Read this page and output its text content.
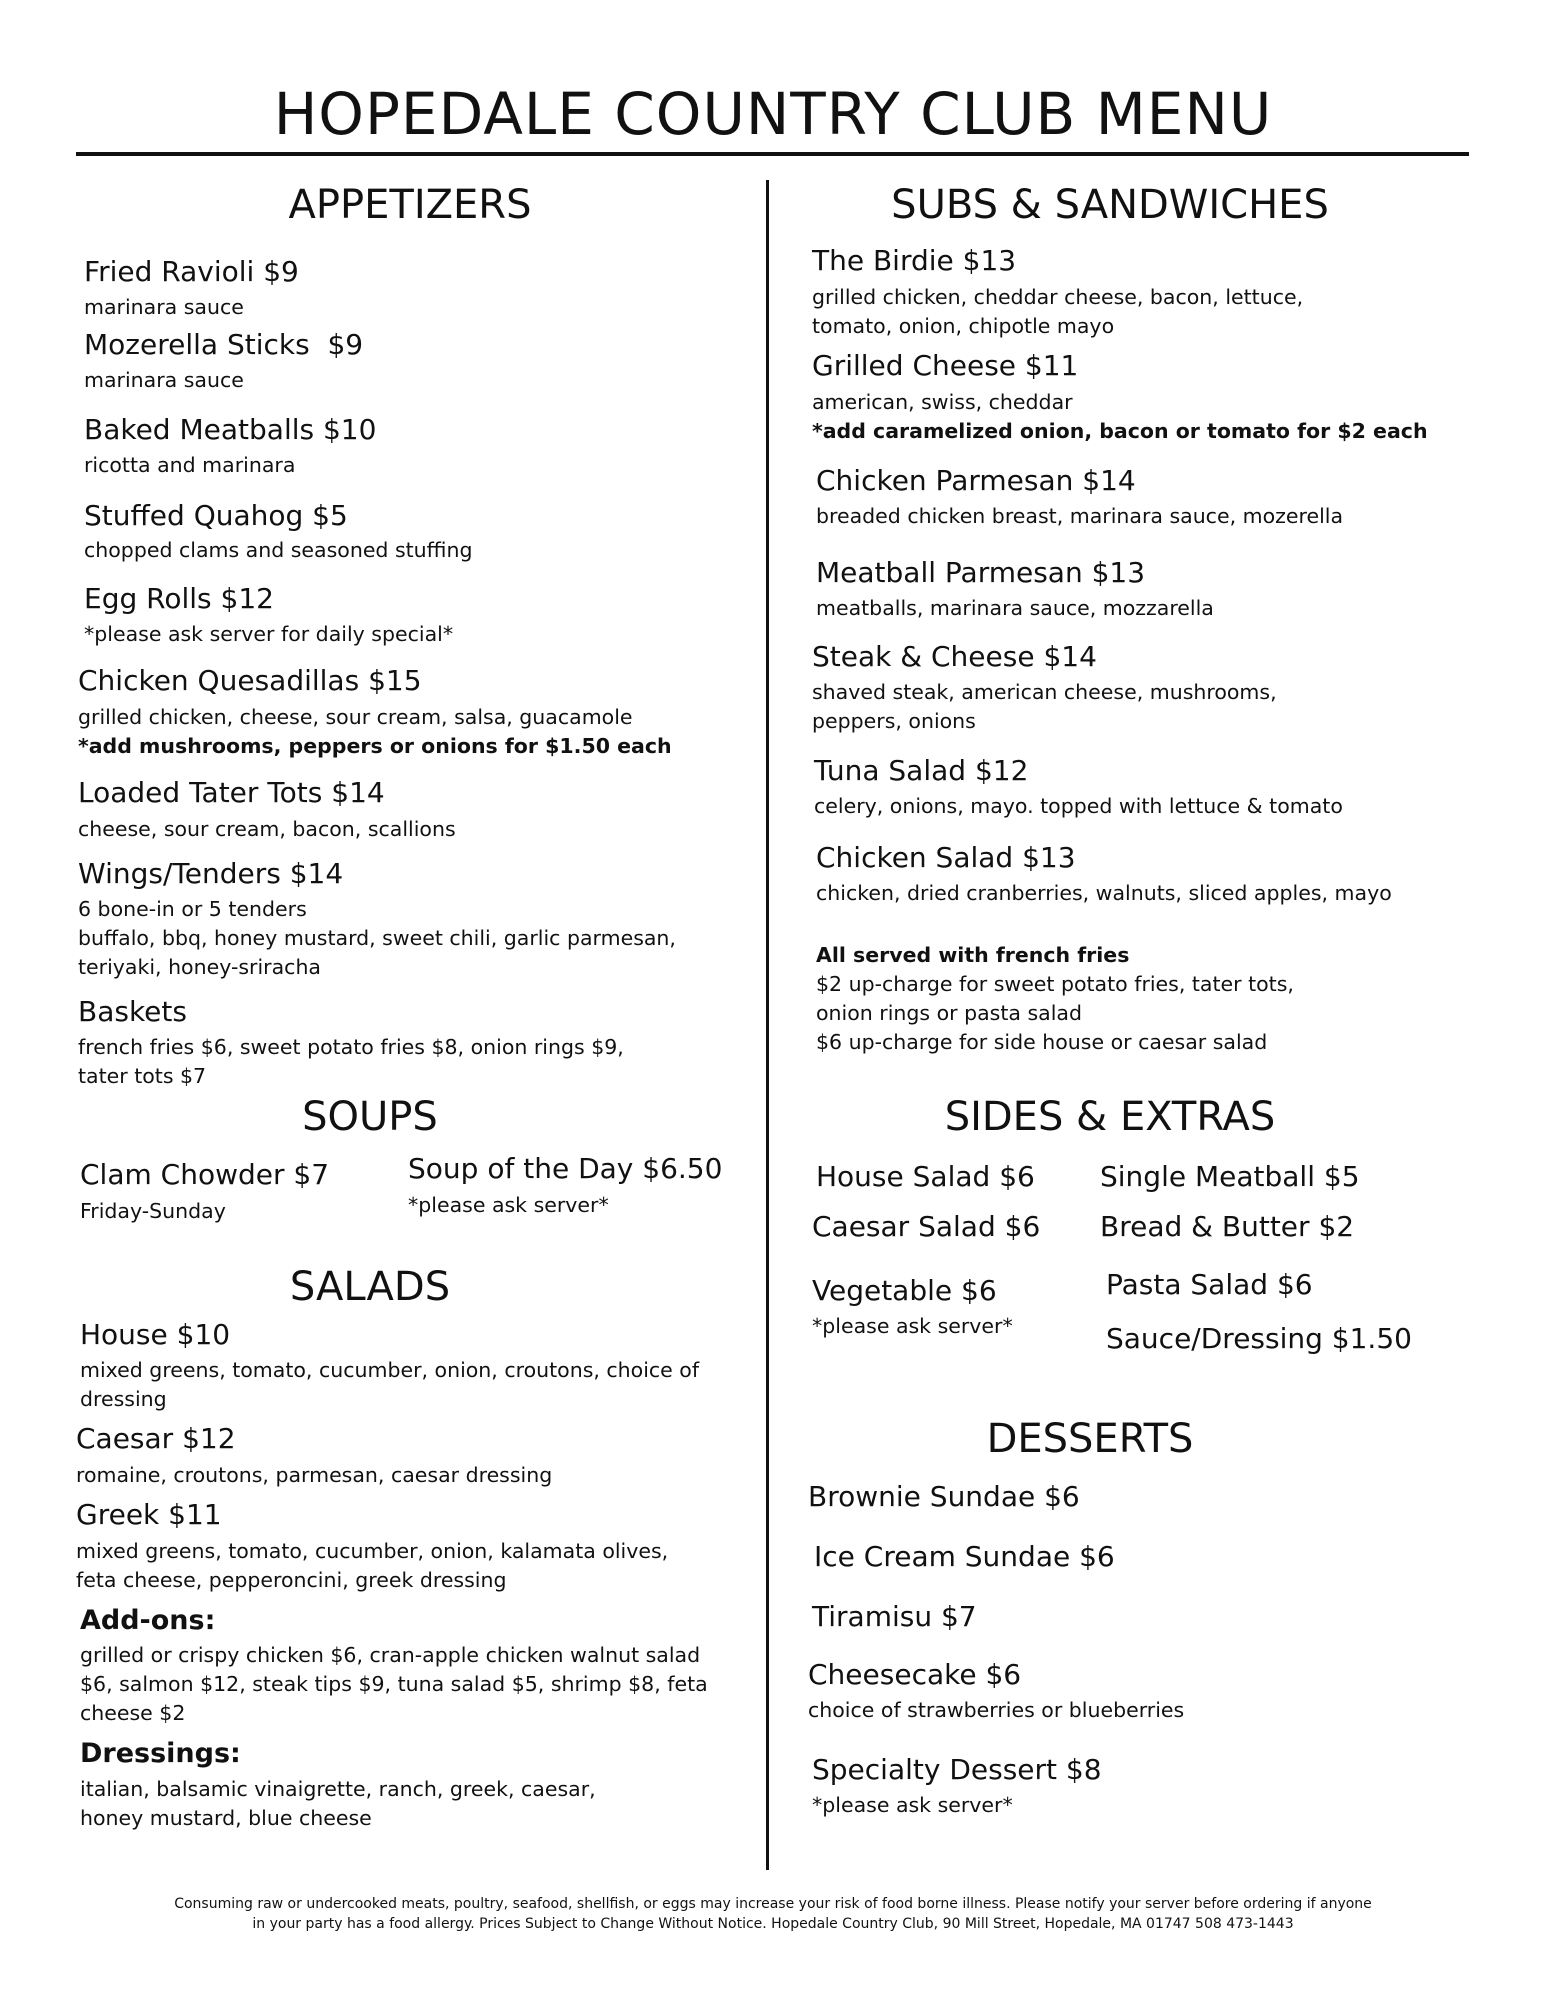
HOPEDALE COUNTRY CLUB MENU
APPETIZERS
Fried Ravioli $9
marinara sauce
Mozerella Sticks  $9
marinara sauce
Baked Meatballs $10
ricotta and marinara
Stuffed Quahog $5
chopped clams and seasoned stuffing
Egg Rolls $12
*please ask server for daily special*
Chicken Quesadillas $15
grilled chicken, cheese, sour cream, salsa, guacamole
*add mushrooms, peppers or onions for $1.50 each
Loaded Tater Tots $14
cheese, sour cream, bacon, scallions
Wings/Tenders $14
6 bone-in or 5 tenders
buffalo, bbq, honey mustard, sweet chili, garlic parmesan,
teriyaki, honey-sriracha
Baskets
french fries $6, sweet potato fries $8, onion rings $9,
tater tots $7
SOUPS
Clam Chowder $7
Friday-Sunday
Soup of the Day $6.50
*please ask server*
SALADS
House $10
mixed greens, tomato, cucumber, onion, croutons, choice of
dressing
Caesar $12
romaine, croutons, parmesan, caesar dressing
Greek $11
mixed greens, tomato, cucumber, onion, kalamata olives,
feta cheese, pepperoncini, greek dressing
Add-ons:
grilled or crispy chicken $6, cran-apple chicken walnut salad
$6, salmon $12, steak tips $9, tuna salad $5, shrimp $8, feta
cheese $2
Dressings:
italian, balsamic vinaigrette, ranch, greek, caesar,
honey mustard, blue cheese
SUBS & SANDWICHES
The Birdie $13
grilled chicken, cheddar cheese, bacon, lettuce,
tomato, onion, chipotle mayo
Grilled Cheese $11
american, swiss, cheddar
*add caramelized onion, bacon or tomato for $2 each
Chicken Parmesan $14
breaded chicken breast, marinara sauce, mozerella
Meatball Parmesan $13
meatballs, marinara sauce, mozzarella
Steak & Cheese $14
shaved steak, american cheese, mushrooms,
peppers, onions
Tuna Salad $12
celery, onions, mayo. topped with lettuce & tomato
Chicken Salad $13
chicken, dried cranberries, walnuts, sliced apples, mayo
All served with french fries
$2 up-charge for sweet potato fries, tater tots,
onion rings or pasta salad
$6 up-charge for side house or caesar salad
SIDES & EXTRAS
House Salad $6 Single Meatball $5
Caesar Salad $6 Bread & Butter $2
Vegetable $6
*please ask server*
Pasta Salad $6
Sauce/Dressing $1.50
DESSERTS
Brownie Sundae $6
Ice Cream Sundae $6
Tiramisu $7
Cheesecake $6
choice of strawberries or blueberries
Specialty Dessert $8
*please ask server*
Consuming raw or undercooked meats, poultry, seafood, shellfish, or eggs may increase your risk of food borne illness. Please notify your server before ordering if anyone in your party has a food allergy. Prices Subject to Change Without Notice. Hopedale Country Club, 90 Mill Street, Hopedale, MA 01747 508 473-1443
